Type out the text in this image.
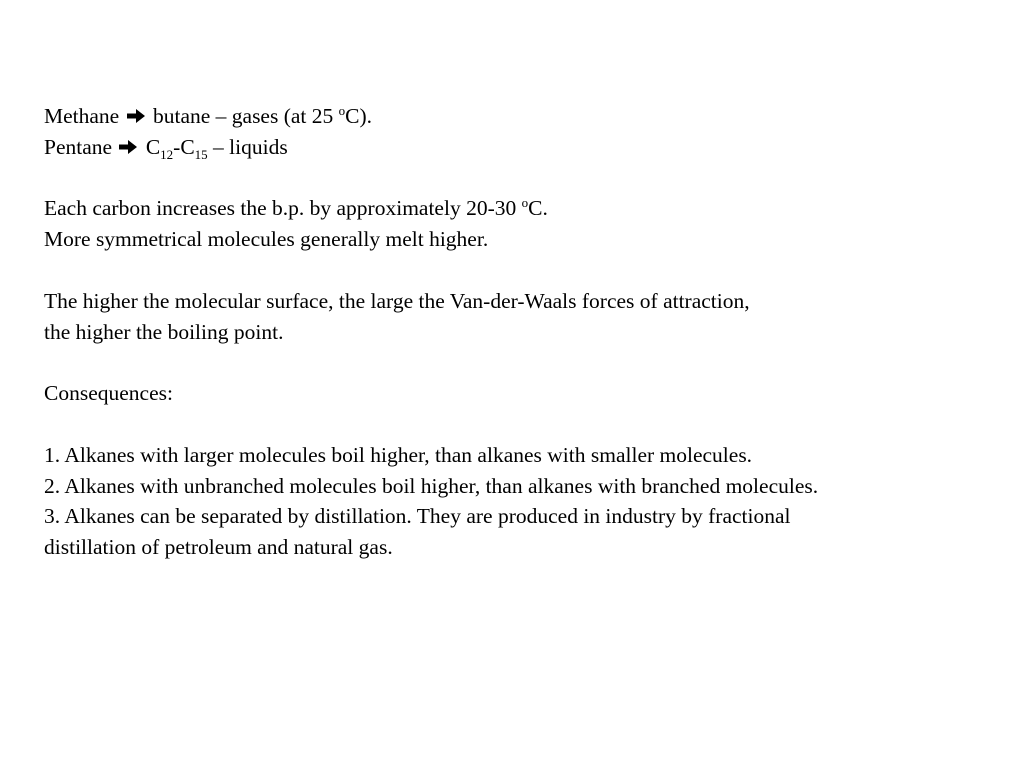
Methane butane – gases (at 25 $^o$C).
Pentane $C_{12}-C_{15}$ – liquids
Each carbon increases the b.p. by approximately 20-30 $^o$C.
More symmetrical molecules generally melt higher.
The higher the molecular surface, the large the Van-der-Waals forces of attraction,
the higher the boiling point.
Consequences:
1. Alkanes with larger molecules boil higher, than alkanes with smaller molecules.
2. Alkanes with unbranched molecules boil higher, than alkanes with branched molecules.
3. Alkanes can be separated by distillation. They are produced in industry by fractional
distillation of petroleum and natural gas.
